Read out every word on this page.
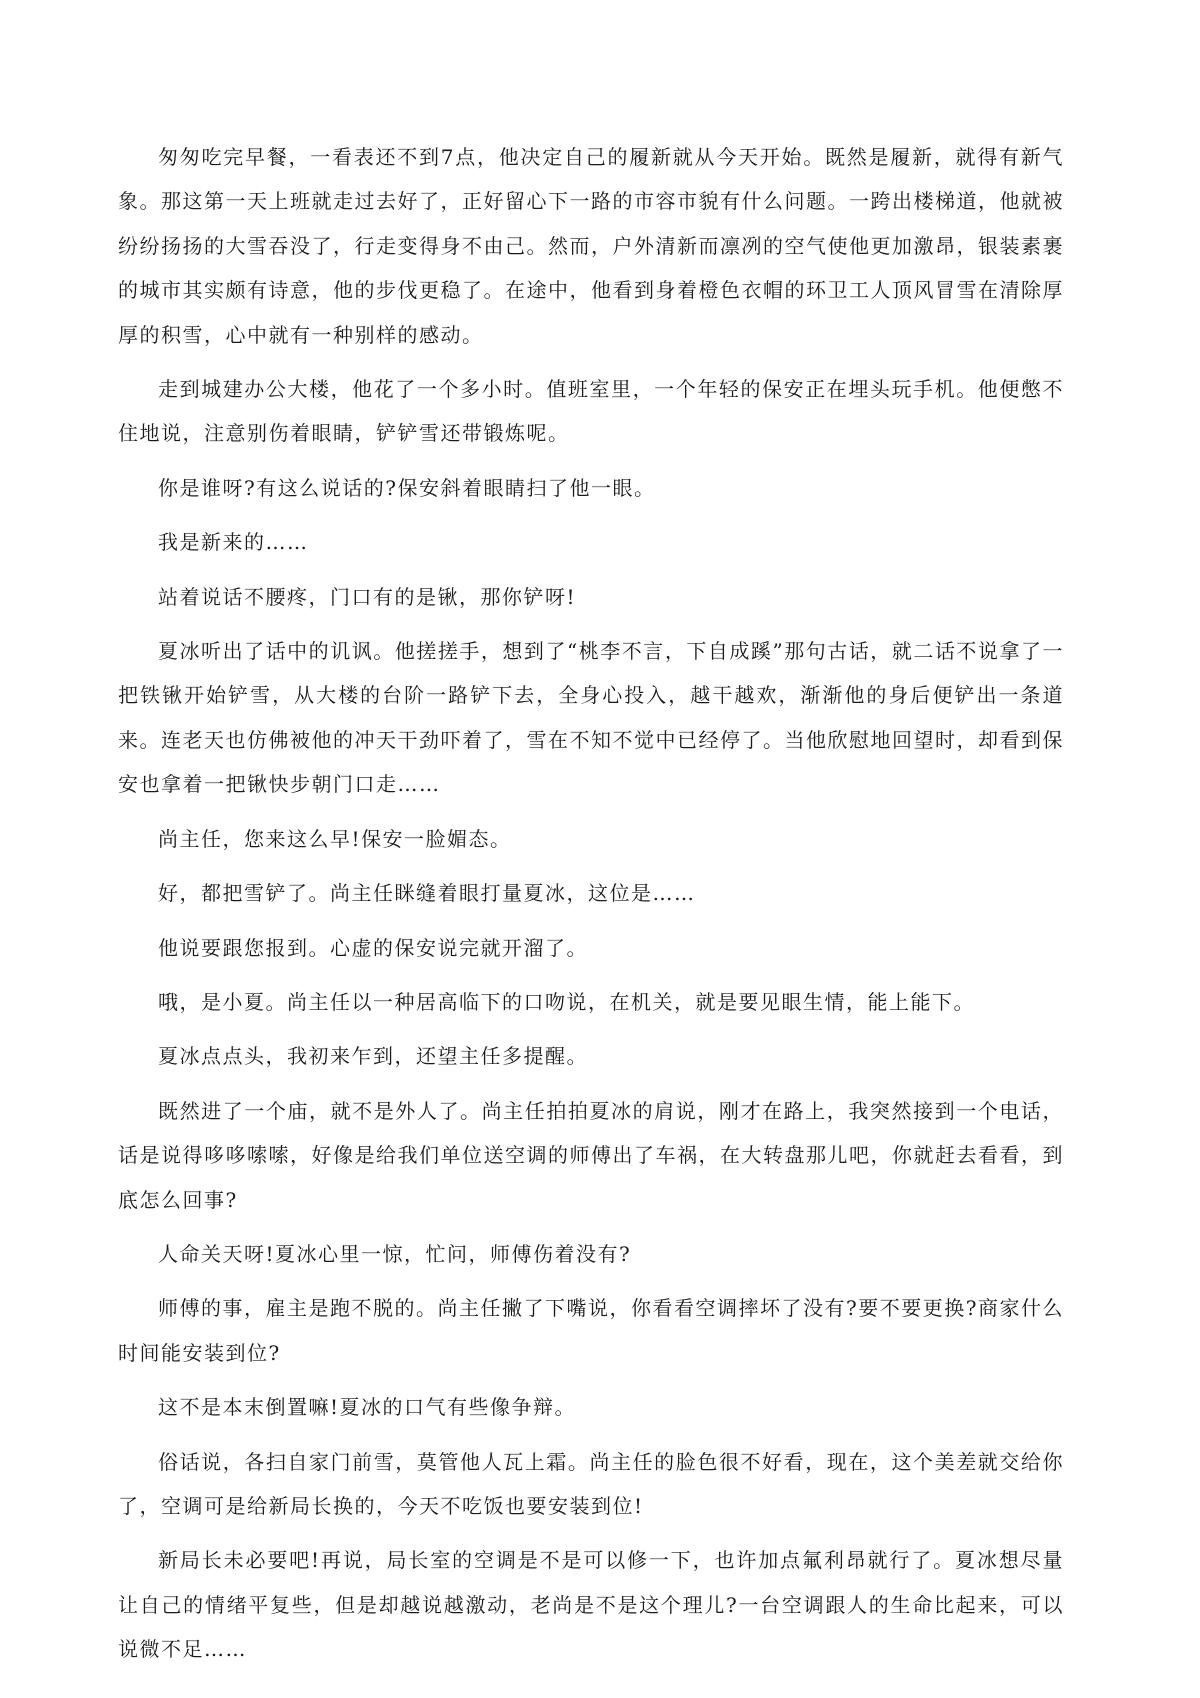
匆匆吃完早餐，一看表还不到7点，他决定自己的履新就从今天开始。既然是履新，就得有新气象。那这第一天上班就走过去好了，正好留心下一路的市容市貌有什么问题。一跨出楼梯道，他就被纷纷扬扬的大雪吞没了，行走变得身不由己。然而，户外清新而凛冽的空气使他更加激昂，银装素裹的城市其实颇有诗意，他的步伐更稳了。在途中，他看到身着橙色衣帽的环卫工人顶风冒雪在清除厚厚的积雪，心中就有一种别样的感动。

走到城建办公大楼，他花了一个多小时。值班室里，一个年轻的保安正在埋头玩手机。他便憋不住地说，注意别伤着眼睛，铲铲雪还带锻炼呢。

你是谁呀?有这么说话的?保安斜着眼睛扫了他一眼。

我是新来的……

站着说话不腰疼，门口有的是锹，那你铲呀!

夏冰听出了话中的讥讽。他搓搓手，想到了“桃李不言，下自成蹊”那句古话，就二话不说拿了一把铁锹开始铲雪，从大楼的台阶一路铲下去，全身心投入，越干越欢，渐渐他的身后便铲出一条道来。连老天也仿佛被他的冲天干劲吓着了，雪在不知不觉中已经停了。当他欣慰地回望时，却看到保安也拿着一把锹快步朝门口走……

尚主任，您来这么早!保安一脸媚态。

好，都把雪铲了。尚主任眯缝着眼打量夏冰，这位是……

他说要跟您报到。心虚的保安说完就开溜了。

哦，是小夏。尚主任以一种居高临下的口吻说，在机关，就是要见眼生情，能上能下。

夏冰点点头，我初来乍到，还望主任多提醒。

既然进了一个庙，就不是外人了。尚主任拍拍夏冰的肩说，刚才在路上，我突然接到一个电话，话是说得哆哆嗦嗦，好像是给我们单位送空调的师傅出了车祸，在大转盘那儿吧，你就赶去看看，到底怎么回事?

人命关天呀!夏冰心里一惊，忙问，师傅伤着没有?

师傅的事，雇主是跑不脱的。尚主任撇了下嘴说，你看看空调摔坏了没有?要不要更换?商家什么时间能安装到位?

这不是本末倒置嘛!夏冰的口气有些像争辩。

俗话说，各扫自家门前雪，莫管他人瓦上霜。尚主任的脸色很不好看，现在，这个美差就交给你了，空调可是给新局长换的，今天不吃饭也要安装到位!

新局长未必要吧!再说，局长室的空调是不是可以修一下，也许加点氟利昂就行了。夏冰想尽量让自己的情绪平复些，但是却越说越激动，老尚是不是这个理儿?一台空调跟人的生命比起来，可以说微不足……
